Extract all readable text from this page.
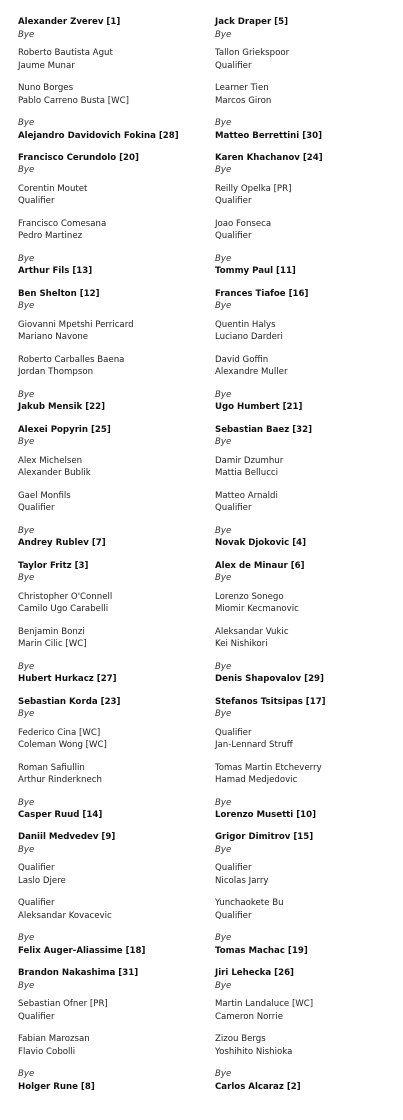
Alexander Zverev [1]
Bye
Roberto Bautista Agut
Jaume Munar
Nuno Borges
Pablo Carreno Busta [WC]
Bye
Alejandro Davidovich Fokina [28]
Francisco Cerundolo [20]
Bye
Corentin Moutet
Qualifier
Francisco Comesana
Pedro Martinez
Bye
Arthur Fils [13]
Ben Shelton [12]
Bye
Giovanni Mpetshi Perricard
Mariano Navone
Roberto Carballes Baena
Jordan Thompson
Bye
Jakub Mensik [22]
Alexei Popyrin [25]
Bye
Alex Michelsen
Alexander Bublik
Gael Monfils
Qualifier
Bye
Andrey Rublev [7]
Taylor Fritz [3]
Bye
Christopher O'Connell
Camilo Ugo Carabelli
Benjamin Bonzi
Marin Cilic [WC]
Bye
Hubert Hurkacz [27]
Sebastian Korda [23]
Bye
Federico Cina [WC]
Coleman Wong [WC]
Roman Safiullin
Arthur Rinderknech
Bye
Casper Ruud [14]
Daniil Medvedev [9]
Bye
Qualifier
Laslo Djere
Qualifier
Aleksandar Kovacevic
Bye
Felix Auger-Aliassime [18]
Brandon Nakashima [31]
Bye
Sebastian Ofner [PR]
Qualifier
Fabian Marozsan
Flavio Cobolli
Bye
Holger Rune [8]
Jack Draper [5]
Bye
Tallon Griekspoor
Qualifier
Learner Tien
Marcos Giron
Bye
Matteo Berrettini [30]
Karen Khachanov [24]
Bye
Reilly Opelka [PR]
Qualifier
Joao Fonseca
Qualifier
Bye
Tommy Paul [11]
Frances Tiafoe [16]
Bye
Quentin Halys
Luciano Darderi
David Goffin
Alexandre Muller
Bye
Ugo Humbert [21]
Sebastian Baez [32]
Bye
Damir Dzumhur
Mattia Bellucci
Matteo Arnaldi
Qualifier
Bye
Novak Djokovic [4]
Alex de Minaur [6]
Bye
Lorenzo Sonego
Miomir Kecmanovic
Aleksandar Vukic
Kei Nishikori
Bye
Denis Shapovalov [29]
Stefanos Tsitsipas [17]
Bye
Qualifier
Jan-Lennard Struff
Tomas Martin Etcheverry
Hamad Medjedovic
Bye
Lorenzo Musetti [10]
Grigor Dimitrov [15]
Bye
Qualifier
Nicolas Jarry
Yunchaokete Bu
Qualifier
Bye
Tomas Machac [19]
Jiri Lehecka [26]
Bye
Martin Landaluce [WC]
Cameron Norrie
Zizou Bergs
Yoshihito Nishioka
Bye
Carlos Alcaraz [2]
